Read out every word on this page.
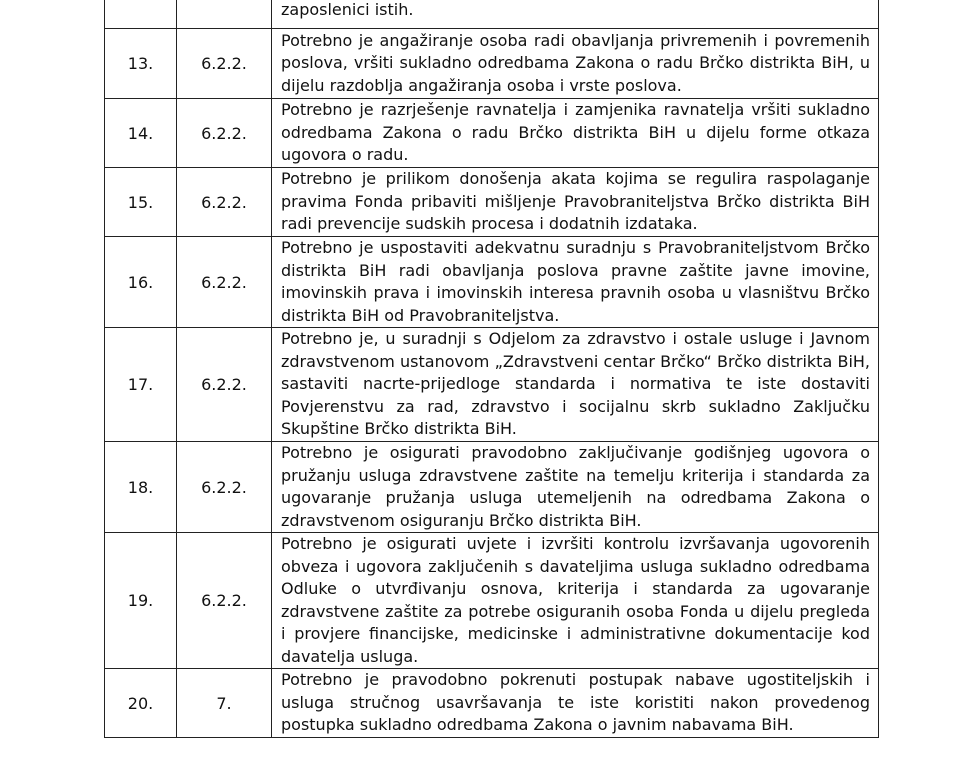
		zaposlenici istih.
13.	6.2.2.	Potrebno je angažiranje osoba radi obavljanja privremenih i povremenih poslova, vršiti sukladno odredbama Zakona o radu Brčko distrikta BiH, u dijelu razdoblja angažiranja osoba i vrste poslova.
14.	6.2.2.	Potrebno je razrješenje ravnatelja i zamjenika ravnatelja vršiti sukladno odredbama Zakona o radu Brčko distrikta BiH u dijelu forme otkaza ugovora o radu.
15.	6.2.2.	Potrebno je prilikom donošenja akata kojima se regulira raspolaganje pravima Fonda pribaviti mišljenje Pravobraniteljstva Brčko distrikta BiH radi prevencije sudskih procesa i dodatnih izdataka.
16.	6.2.2.	Potrebno je uspostaviti adekvatnu suradnju s Pravobraniteljstvom Brčko distrikta BiH radi obavljanja poslova pravne zaštite javne imovine, imovinskih prava i imovinskih interesa pravnih osoba u vlasništvu Brčko distrikta BiH od Pravobraniteljstva.
17.	6.2.2.	Potrebno je, u suradnji s Odjelom za zdravstvo i ostale usluge i Javnom zdravstvenom ustanovom „Zdravstveni centar Brčko“ Brčko distrikta BiH, sastaviti nacrte-prijedloge standarda i normativa te iste dostaviti Povjerenstvu za rad, zdravstvo i socijalnu skrb sukladno Zaključku Skupštine Brčko distrikta BiH.
18.	6.2.2.	Potrebno je osigurati pravodobno zaključivanje godišnjeg ugovora o pružanju usluga zdravstvene zaštite na temelju kriterija i standarda za ugovaranje pružanja usluga utemeljenih na odredbama Zakona o zdravstvenom osiguranju Brčko distrikta BiH.
19.	6.2.2.	Potrebno je osigurati uvjete i izvršiti kontrolu izvršavanja ugovorenih obveza i ugovora zaključenih s davateljima usluga sukladno odredbama Odluke o utvrđivanju osnova, kriterija i standarda za ugovaranje zdravstvene zaštite za potrebe osiguranih osoba Fonda u dijelu pregleda i provjere financijske, medicinske i administrativne dokumentacije kod davatelja usluga.
20.	7.	Potrebno je pravodobno pokrenuti postupak nabave ugostiteljskih i usluga stručnog usavršavanja te iste koristiti nakon provedenog postupka sukladno odredbama Zakona o javnim nabavama BiH.
